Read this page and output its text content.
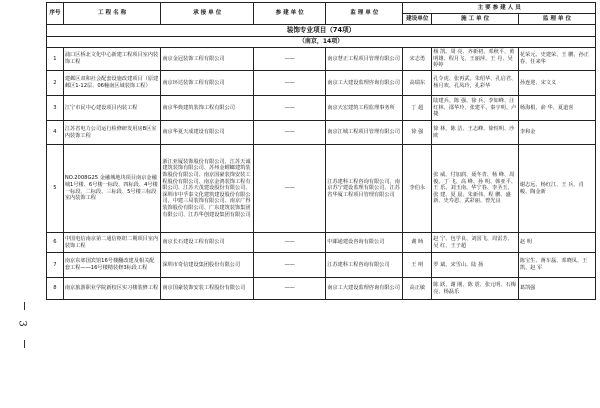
3
序号	工 程 名 称	承 接 单 位	参 建 单 位	监 理 单 位	主 要 参 建 人 员		
					建设单位	施 工 单 位	监 理 单 位
装饰专业项目（74项）							
（南京，14项）							
1	浦口区桥北文化中心新建工程项目室内装饰工程	南京金冠装饰工程有限公司	——	南京慧正工程项目管理有限公司	宋志勇	杨 凯、周 亮、齐新初、邓秋平、黄明雄、程月飞、王丽萍、王 丹、吴婷婷	花荣元、史建荣、王 鹏、孙正春、任来华
2	建邺区双和社会配套设施改建项目（原建邺区1-12层、06幢南区域装饰工程）	南京环达装饰工程有限公司	——	南京工大建设监理咨询有限公司	高瑞东	孔令虎、张再武、朱绍华、孔启君、杨月欢、孔凤玲、孔彩华	孙连迎、宋文义
3	江宁市民中心建设项目内装工程	南京华典建筑装饰工程有限公司	——	南京天宏建筑工程监理事务所	丁 超	陆建兵、陈 强、徐 兵、李如峰、汪红林、邵华玲、张建平、秦宇明、卢 捷	杨海根、俞 华、夏道喜
4	江苏省电力公司运行检修研发用房B区室内装饰工程	南京华夏天成建设有限公司	——	南京江城工程项目管理有限公司	徐 强	徐 林、陈 洁、王志峰、徐恒明、沙 欧	李和金
5	NO.2008G25 金融城地块项目南京金融城1号楼、6号楼一标段、四标段、4号楼一标段、二标段、三标段、5号楼三标段室内装饰工程	浙江亚厦装饰股份有限公司、江苏天诚建筑装饰有限公司、苏州金螳螂建筑装饰股份有限公司、南京国豪装饰安装工程股份有限公司、南京金鸿装饰工程有限公司、江苏天茂建设股份有限公司、深圳市中孚泰文化建筑建设股份有限公司、中建三局装饰有限公司、南京广得装饰股份有限公司、广东建筑装饰集团有限公司、江苏华创建设集团有限公司	——	江苏建科工程咨询有限公司、南京苏宁建设监理有限公司、江苏省华厦工程项目管理有限公司	李伯永	张 威、付加润、聂冬青、杨 峰、周 俊、丁 飞、高 峰、孙 明、韩亚平、王 乐、刘玉南、华宁春、李圣玉、张 建、夏 晨、朱新伟、程 鹏、盛 新、史寿恩、武彩丽、曾光良	谢志远、杨红江、王 兵、肖 峻、陶金新
6	中国电信南京第二通信枢纽二期项目室内装饰工程	南京长石建设工程有限公司	——	中邮通建设咨询有限公司	谢 旸	赵 宁、包学良、刘国飞、周雷芳、吴 红、王子超	赵 明
7	南京东郊国宾馆16号楼翻改建及相关配套工程——16号楼精装修3标段工程	深圳市奇信建设集团股份有限公司	——	江苏建科工程咨询有限公司	王 明	罗 斌、宋雪山、陆 扬	陈宝生、蒋车磊、邓晓凤、王 凯、赵 军
8	南京旅游职业学院新校区实习楼装修工程	南京国豪装饰安装工程股份有限公司	——	南京工大建设监理咨询有限公司	高正敏	陈 跃、谢 刚、陈 震、张元明、石梅亮、杨磊乐	葛凯强
